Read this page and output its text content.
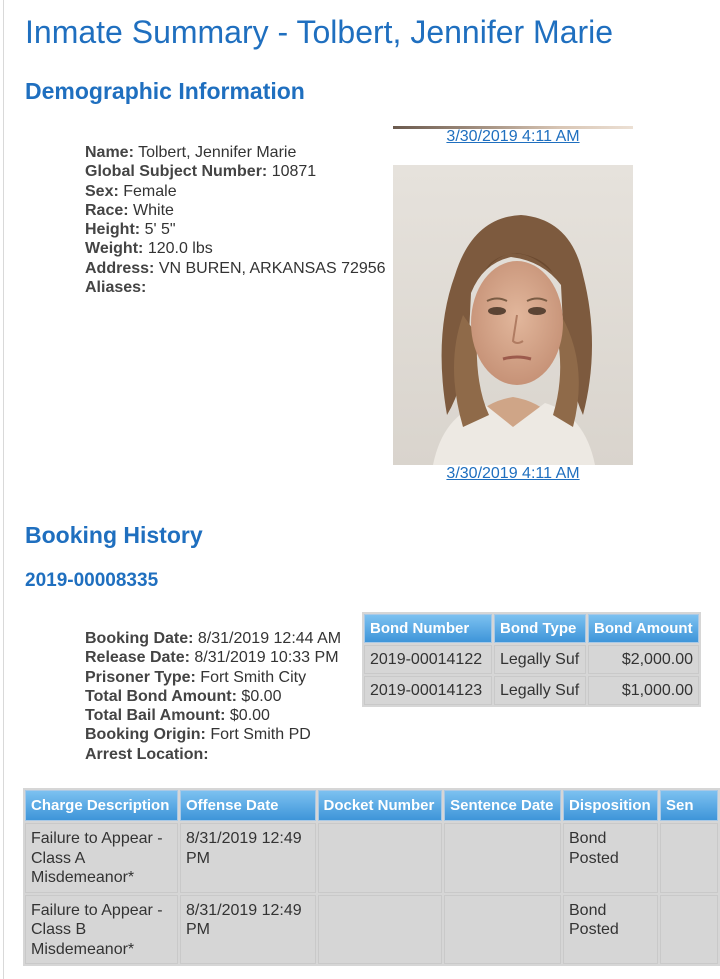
Inmate Summary - Tolbert, Jennifer Marie
Demographic Information
Name: Tolbert, Jennifer Marie
Global Subject Number: 10871
Sex: Female
Race: White
Height: 5' 5"
Weight: 120.0 lbs
Address: VN BUREN, ARKANSAS 72956
Aliases:
3/30/2019 4:11 AM
3/30/2019 4:11 AM
Booking History
2019-00008335
Booking Date: 8/31/2019 12:44 AM
Release Date: 8/31/2019 10:33 PM
Prisoner Type: Fort Smith City
Total Bond Amount: $0.00
Total Bail Amount: $0.00
Booking Origin: Fort Smith PD
Arrest Location:
Bond Number	Bond Type	Bond Amount
2019-00014122	Legally Suf	$2,000.00
2019-00014123	Legally Suf	$1,000.00
Charge Description	Offense Date	Docket Number	Sentence Date	Disposition	Sen
Failure to Appear - Class A Misdemeanor*	8/31/2019 12:49 PM			Bond Posted	
Failure to Appear - Class B Misdemeanor*	8/31/2019 12:49 PM			Bond Posted	
